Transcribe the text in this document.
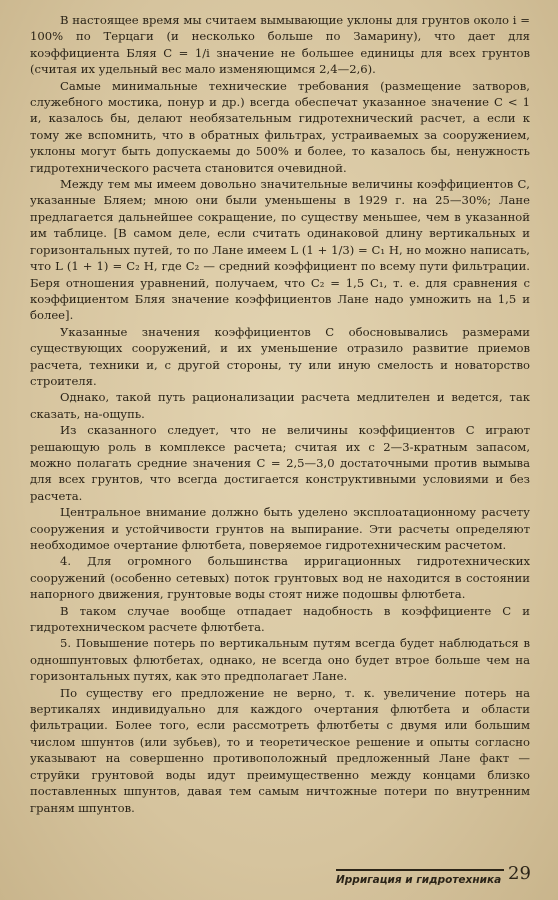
В настоящее время мы считаем вымывающие уклоны для грунтов около i = 100% по Терцаги (и несколько больше по Замарину), что дает для коэффициента Бляя С = 1/i значение не большее единицы для всех грунтов (считая их удельный вес мало изменяющимся 2,4—2,6).

Самые минимальные технические требования (размещение затворов, служебного мостика, понур и др.) всегда обеспечат указанное значение С < 1 и, казалось бы, делают необязательным гидротехнический расчет, а если к тому же вспомнить, что в обратных фильтрах, устраиваемых за сооружением, уклоны могут быть допускаемы до 500% и более, то казалось бы, ненужность гидротехнического расчета становится очевидной.

Между тем мы имеем довольно значительные величины коэффициентов С, указанные Бляем; мною они были уменьшены в 1929 г. на 25—30%; Лане предлагается дальнейшее сокращение, по существу меньшее, чем в указанной им таблице. [В самом деле, если считать одинаковой длину вертикальных и горизонтальных путей, то по Лане имеем L (1 + 1/3) = C₁ H, но можно написать, что L (1 + 1) = C₂ H, где C₂ — средний коэффициент по всему пути фильтрации. Беря отношения уравнений, получаем, что C₂ = 1,5 C₁, т. е. для сравнения с коэффициентом Бляя значение коэффициентов Лане надо умножить на 1,5 и более].

Указанные значения коэффициентов С обосновывались размерами существующих сооружений, и их уменьшение отразило развитие приемов расчета, техники и, с другой стороны, ту или иную смелость и новаторство строителя.

Однако, такой путь рационализации расчета медлителен и ведется, так сказать, на-ощупь.

Из сказанного следует, что не величины коэффициентов С играют решающую роль в комплексе расчета; считая их с 2—3-кратным запасом, можно полагать средние значения С = 2,5—3,0 достаточными против вымыва для всех грунтов, что всегда достигается конструктивными условиями и без расчета.

Центральное внимание должно быть уделено эксплоатационному расчету сооружения и устойчивости грунтов на выпирание. Эти расчеты определяют необходимое очертание флютбета, поверяемое гидротехническим расчетом.

4. Для огромного большинства ирригационных гидротехнических сооружений (особенно сетевых) поток грунтовых вод не находится в состоянии напорного движения, грунтовые воды стоят ниже подошвы флютбета.

В таком случае вообще отпадает надобность в коэффициенте С и гидротехническом расчете флютбета.

5. Повышение потерь по вертикальным путям всегда будет наблюдаться в одношпунтовых флютбетах, однако, не всегда оно будет втрое больше чем на горизонтальных путях, как это предполагает Лане.

По существу его предложение не верно, т. к. увеличение потерь на вертикалях индивидуально для каждого очертания флютбета и области фильтрации. Более того, если рассмотреть флютбеты с двумя или большим числом шпунтов (или зубьев), то и теоретическое решение и опыты согласно указывают на совершенно противоположный предложенный Лане факт — струйки грунтовой воды идут преимущественно между концами близко поставленных шпунтов, давая тем самым ничтожные потери по внутренним граням шпунтов.

Ирригация и гидротехника 29
